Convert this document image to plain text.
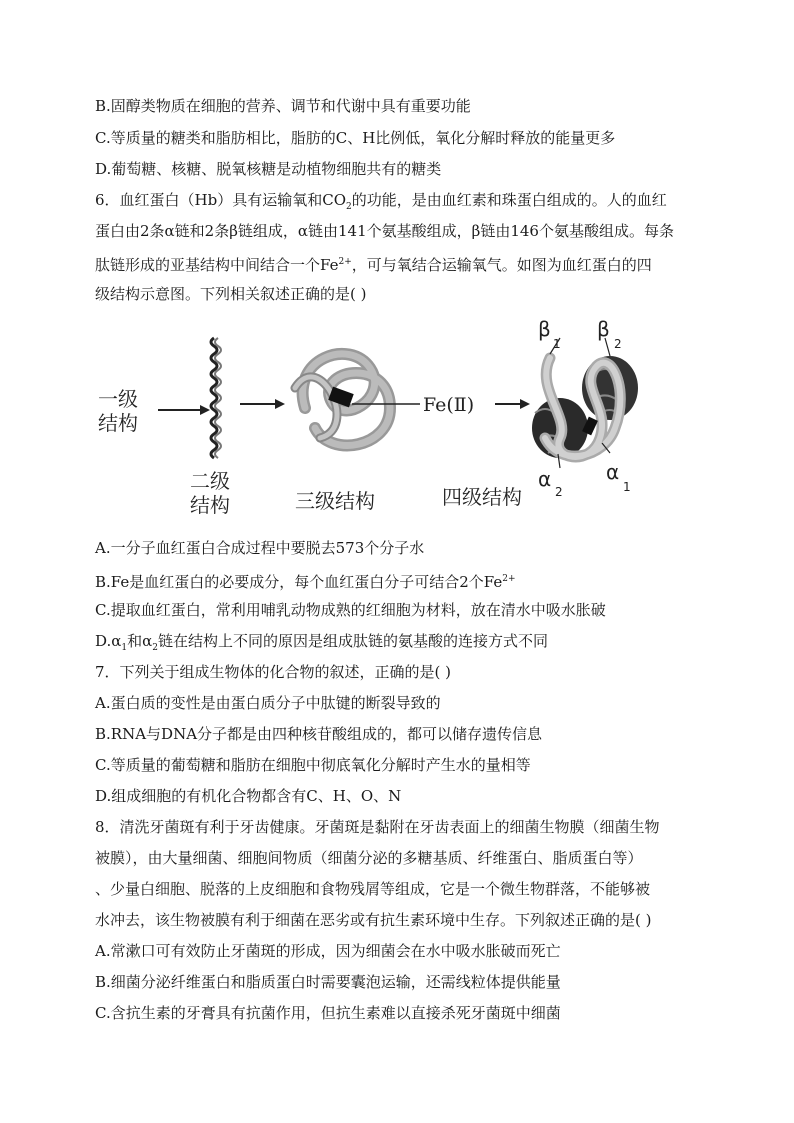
B.固醇类物质在细胞的营养、调节和代谢中具有重要功能
C.等质量的糖类和脂肪相比，脂肪的C、H比例低，氧化分解时释放的能量更多
D.葡萄糖、核糖、脱氧核糖是动植物细胞共有的糖类
6．血红蛋白（Hb）具有运输氧和$CO_2$的功能，是由血红素和珠蛋白组成的。人的血红
蛋白由2条α链和2条β链组成，α链由141个氨基酸组成，β链由146个氨基酸组成。每条
肽链形成的亚基结构中间结合一个$Fe^{2+}$，可与氧结合运输氧气。如图为血红蛋白的四
级结构示意图。下列相关叙述正确的是( )
一级
结构
二级
结构	三级结构	四级结构
Fe(Ⅱ)
β
1
β
2
α
2
α
1
A.一分子血红蛋白合成过程中要脱去573个分子水
B.Fe是血红蛋白的必要成分，每个血红蛋白分子可结合2个$Fe^{2+}$
C.提取血红蛋白，常利用哺乳动物成熟的红细胞为材料，放在清水中吸水胀破
$D.\alpha_1$和$\alpha_2$链在结构上不同的原因是组成肽链的氨基酸的连接方式不同
7．下列关于组成生物体的化合物的叙述，正确的是( )
A.蛋白质的变性是由蛋白质分子中肽键的断裂导致的
B.RNA与DNA分子都是由四种核苷酸组成的，都可以储存遗传信息
C.等质量的葡萄糖和脂肪在细胞中彻底氧化分解时产生水的量相等
D.组成细胞的有机化合物都含有C、H、O、N
8．清洗牙菌斑有利于牙齿健康。牙菌斑是黏附在牙齿表面上的细菌生物膜（细菌生物
被膜），由大量细菌、细胞间物质（细菌分泌的多糖基质、纤维蛋白、脂质蛋白等）
、少量白细胞、脱落的上皮细胞和食物残屑等组成，它是一个微生物群落，不能够被
水冲去，该生物被膜有利于细菌在恶劣或有抗生素环境中生存。下列叙述正确的是( )
A.常漱口可有效防止牙菌斑的形成，因为细菌会在水中吸水胀破而死亡
B.细菌分泌纤维蛋白和脂质蛋白时需要囊泡运输，还需线粒体提供能量
C.含抗生素的牙膏具有抗菌作用，但抗生素难以直接杀死牙菌斑中细菌
